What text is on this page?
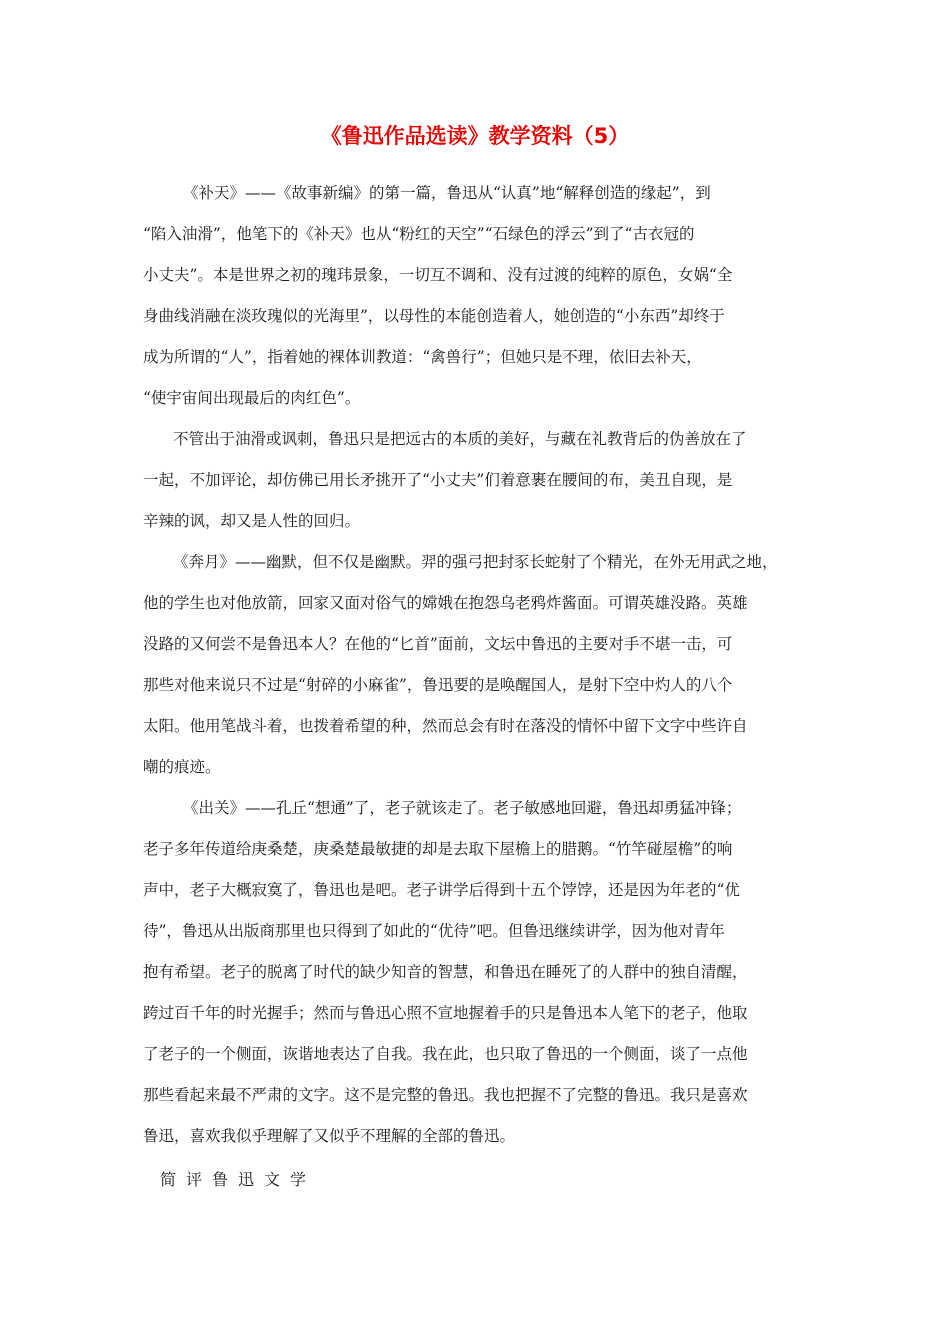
《鲁迅作品选读》教学资料（5）
《补天》——《故事新编》的第一篇，鲁迅从“认真”地“解释创造的缘起”，到
“陷入油滑”，他笔下的《补天》也从“粉红的天空”“石绿色的浮云”到了“古衣冠的
小丈夫”。本是世界之初的瑰玮景象，一切互不调和、没有过渡的纯粹的原色，女娲“全
身曲线消融在淡玫瑰似的光海里”，以母性的本能创造着人，她创造的“小东西”却终于
成为所谓的“人”，指着她的裸体训教道：“禽兽行”；但她只是不理，依旧去补天，
“使宇宙间出现最后的肉红色”。
不管出于油滑或讽刺，鲁迅只是把远古的本质的美好，与藏在礼教背后的伪善放在了
一起，不加评论，却仿佛已用长矛挑开了“小丈夫”们着意裹在腰间的布，美丑自现，是
辛辣的讽，却又是人性的回归。
《奔月》——幽默，但不仅是幽默。羿的强弓把封豕长蛇射了个精光，在外无用武之地，
他的学生也对他放箭，回家又面对俗气的嫦娥在抱怨乌老鸦炸酱面。可谓英雄没路。英雄
没路的又何尝不是鲁迅本人？在他的“匕首”面前，文坛中鲁迅的主要对手不堪一击，可
那些对他来说只不过是“射碎的小麻雀”，鲁迅要的是唤醒国人，是射下空中灼人的八个
太阳。他用笔战斗着，也拨着希望的种，然而总会有时在落没的情怀中留下文字中些许自
嘲的痕迹。
《出关》——孔丘“想通”了，老子就该走了。老子敏感地回避，鲁迅却勇猛冲锋；
老子多年传道给庚桑楚，庚桑楚最敏捷的却是去取下屋檐上的腊鹅。“竹竿碰屋檐”的响
声中，老子大概寂寞了，鲁迅也是吧。老子讲学后得到十五个饽饽，还是因为年老的“优
待”，鲁迅从出版商那里也只得到了如此的“优待”吧。但鲁迅继续讲学，因为他对青年
抱有希望。老子的脱离了时代的缺少知音的智慧，和鲁迅在睡死了的人群中的独自清醒，
跨过百千年的时光握手；然而与鲁迅心照不宣地握着手的只是鲁迅本人笔下的老子，他取
了老子的一个侧面，诙谐地表达了自我。我在此，也只取了鲁迅的一个侧面，谈了一点他
那些看起来最不严肃的文字。这不是完整的鲁迅。我也把握不了完整的鲁迅。我只是喜欢
鲁迅，喜欢我似乎理解了又似乎不理解的全部的鲁迅。
简评鲁迅文学
